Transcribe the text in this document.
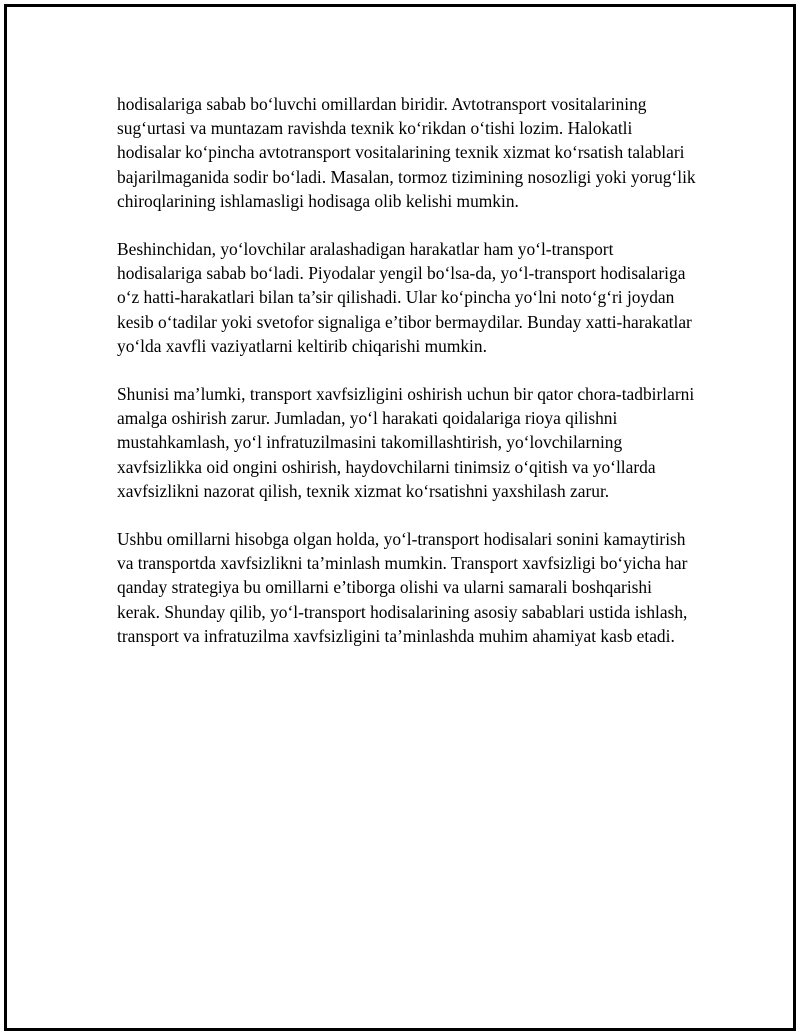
hodisalariga sabab bo‘luvchi omillardan biridir. Avtotransport vositalarining sug‘urtasi va muntazam ravishda texnik ko‘rikdan o‘tishi lozim. Halokatli hodisalar ko‘pincha avtotransport vositalarining texnik xizmat ko‘rsatish talablari bajarilmaganida sodir bo‘ladi. Masalan, tormoz tizimining nosozligi yoki yorug‘lik chiroqlarining ishlamasligi hodisaga olib kelishi mumkin.

Beshinchidan, yo‘lovchilar aralashadigan harakatlar ham yo‘l-transport hodisalariga sabab bo‘ladi. Piyodalar yengil bo‘lsa-da, yo‘l-transport hodisalariga o‘z hatti-harakatlari bilan ta’sir qilishadi. Ular ko‘pincha yo‘lni noto‘g‘ri joydan kesib o‘tadilar yoki svetofor signaliga e’tibor bermaydilar. Bunday xatti-harakatlar yo‘lda xavfli vaziyatlarni keltirib chiqarishi mumkin.

Shunisi ma’lumki, transport xavfsizligini oshirish uchun bir qator chora-tadbirlarni amalga oshirish zarur. Jumladan, yo‘l harakati qoidalariga rioya qilishni mustahkamlash, yo‘l infratuzilmasini takomillashtirish, yo‘lovchilarning xavfsizlikka oid ongini oshirish, haydovchilarni tinimsiz o‘qitish va yo‘llarda xavfsizlikni nazorat qilish, texnik xizmat ko‘rsatishni yaxshilash zarur.

Ushbu omillarni hisobga olgan holda, yo‘l-transport hodisalari sonini kamaytirish va transportda xavfsizlikni ta’minlash mumkin. Transport xavfsizligi bo‘yicha har qanday strategiya bu omillarni e’tiborga olishi va ularni samarali boshqarishi kerak. Shunday qilib, yo‘l-transport hodisalarining asosiy sabablari ustida ishlash, transport va infratuzilma xavfsizligini ta’minlashda muhim ahamiyat kasb etadi.
